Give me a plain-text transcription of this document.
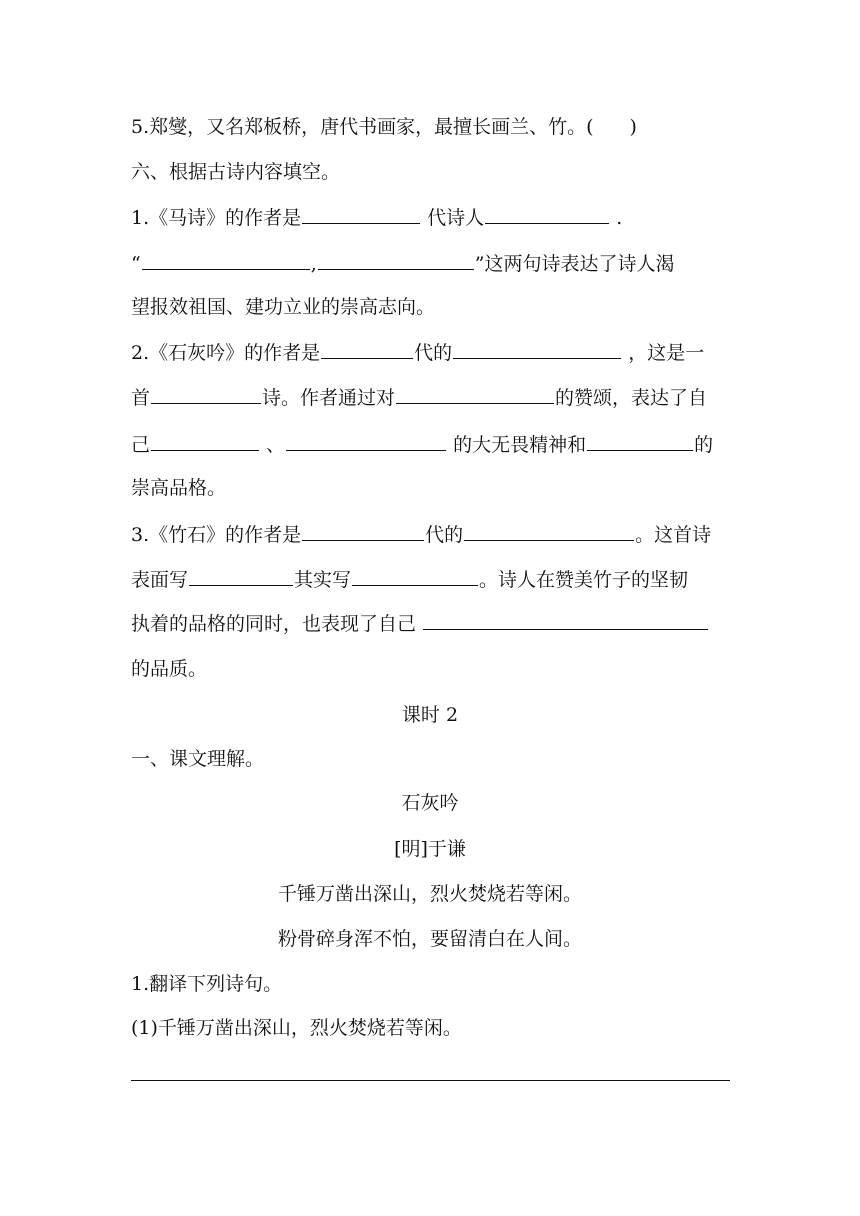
5.郑燮，又名郑板桥，唐代书画家，最擅长画兰、竹。( )
六、根据古诗内容填空。
1.《马诗》的作者是	代诗人	.
“	,	”这两句诗表达了诗人渴
望报效祖国、建功立业的崇高志向。
2.《石灰吟》的作者是	代的	，这是一
首	诗。作者通过对	的赞颂，表达了自
己	、	的大无畏精神和	的
崇高品格。
3.《竹石》的作者是	代的	。这首诗
表面写	其实写	。诗人在赞美竹子的坚韧
执着的品格的同时，也表现了自己
的品质。
课时 2
一、课文理解。
石灰吟
[明]于谦
千锤万凿出深山，烈火焚烧若等闲。
粉骨碎身浑不怕，要留清白在人间。
1.翻译下列诗句。
(1)千锤万凿出深山，烈火焚烧若等闲。
